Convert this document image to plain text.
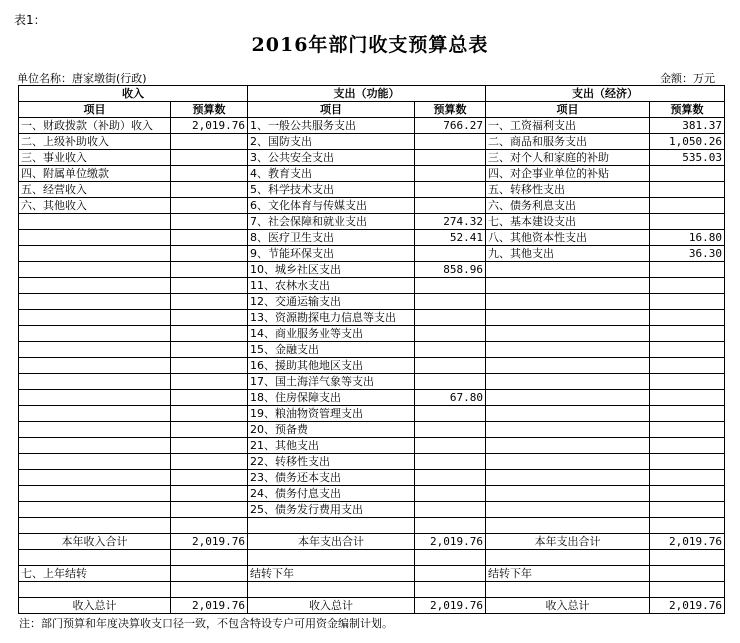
表1：
2016年部门收支预算总表
单位名称：唐家墩街(行政)	金额：万元
收入		支出（功能）		支出（经济）	
项目	预算数	项目	预算数	项目	预算数
一、财政拨款（补助）收入	2,019.76	1、一般公共服务支出	766.27	一、工资福利支出	381.37
二、上级补助收入		2、国防支出		二、商品和服务支出	1,050.26
三、事业收入		3、公共安全支出		三、对个人和家庭的补助	535.03
四、附属单位缴款		4、教育支出		四、对企事业单位的补贴	
五、经营收入		5、科学技术支出		五、转移性支出	
六、其他收入		6、文化体育与传媒支出		六、债务利息支出	
		7、社会保障和就业支出	274.32	七、基本建设支出	
		8、医疗卫生支出	52.41	八、其他资本性支出	16.80
		9、节能环保支出		九、其他支出	36.30
		10、城乡社区支出	858.96		
		11、农林水支出			
		12、交通运输支出			
		13、资源勘探电力信息等支出			
		14、商业服务业等支出			
		15、金融支出			
		16、援助其他地区支出			
		17、国土海洋气象等支出			
		18、住房保障支出	67.80		
		19、粮油物资管理支出			
		20、预备费			
		21、其他支出			
		22、转移性支出			
		23、债务还本支出			
		24、债务付息支出			
		25、债务发行费用支出			

本年收入合计	2,019.76	本年支出合计	2,019.76	本年支出合计	2,019.76

七、上年结转		结转下年		结转下年	

收入总计	2,019.76	收入总计	2,019.76	收入总计	2,019.76
注：部门预算和年度决算收支口径一致，不包含特设专户可用资金编制计划。
